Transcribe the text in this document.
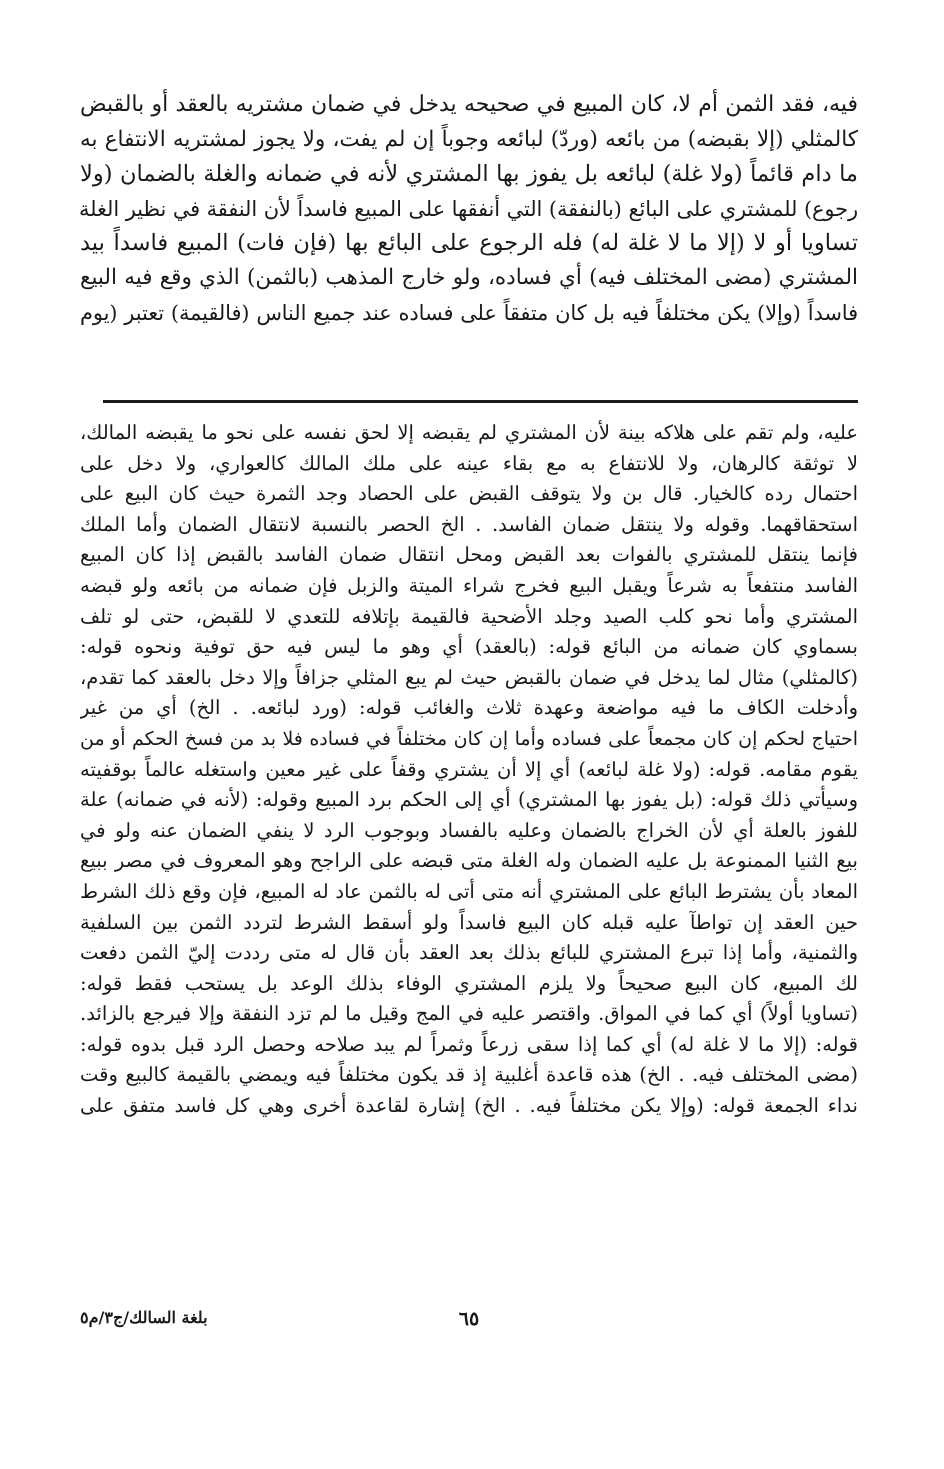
فيه، فقد الثمن أم لا، كان المبيع في صحيحه يدخل في ضمان مشتريه بالعقد أو بالقبض

كالمثلي (إلا بقبضه) من بائعه (وردّ) لبائعه وجوباً إن لم يفت، ولا يجوز لمشتريه الانتفاع به

ما دام قائماً (ولا غلة) لبائعه بل يفوز بها المشتري لأنه في ضمانه والغلة بالضمان (ولا

رجوع) للمشتري على البائع (بالنفقة) التي أنفقها على المبيع فاسداً لأن النفقة في نظير الغلة

تساويا أو لا (إلا ما لا غلة له) فله الرجوع على البائع بها (فإن فات) المبيع فاسداً بيد

المشتري (مضى المختلف فيه) أي فساده، ولو خارج المذهب (بالثمن) الذي وقع فيه البيع

فاسداً (وإلا) يكن مختلفاً فيه بل كان متفقاً على فساده عند جميع الناس (فالقيمة) تعتبر (يوم

عليه، ولم تقم على هلاكه بينة لأن المشتري لم يقبضه إلا لحق نفسه على نحو ما يقبضه المالك،

لا توثقة كالرهان، ولا للانتفاع به مع بقاء عينه على ملك المالك كالعواري، ولا دخل على

احتمال رده كالخيار. قال بن ولا يتوقف القبض على الحصاد وجد الثمرة حيث كان البيع على

استحقاقهما. وقوله ولا ينتقل ضمان الفاسد. . الخ الحصر بالنسبة لانتقال الضمان وأما الملك

فإنما ينتقل للمشتري بالفوات بعد القبض ومحل انتقال ضمان الفاسد بالقبض إذا كان المبيع

الفاسد منتفعاً به شرعاً ويقبل البيع فخرج شراء الميتة والزبل فإن ضمانه من بائعه ولو قبضه

المشتري وأما نحو كلب الصيد وجلد الأضحية فالقيمة بإتلافه للتعدي لا للقبض، حتى لو تلف

بسماوي كان ضمانه من البائع قوله: (بالعقد) أي وهو ما ليس فيه حق توفية ونحوه قوله:

(كالمثلي) مثال لما يدخل في ضمان بالقبض حيث لم يبع المثلي جزافاً وإلا دخل بالعقد كما تقدم،

وأدخلت الكاف ما فيه مواضعة وعهدة ثلاث والغائب قوله: (ورد لبائعه. . الخ) أي من غير

احتياج لحكم إن كان مجمعاً على فساده وأما إن كان مختلفاً في فساده فلا بد من فسخ الحكم أو من

يقوم مقامه. قوله: (ولا غلة لبائعه) أي إلا أن يشتري وقفاً على غير معين واستغله عالماً بوقفيته

وسيأتي ذلك قوله: (بل يفوز بها المشتري) أي إلى الحكم برد المبيع وقوله: (لأنه في ضمانه) علة

للفوز بالعلة أي لأن الخراج بالضمان وعليه بالفساد وبوجوب الرد لا ينفي الضمان عنه ولو في

بيع الثنيا الممنوعة بل عليه الضمان وله الغلة متى قبضه على الراجح وهو المعروف في مصر ببيع

المعاد بأن يشترط البائع على المشتري أنه متى أتى له بالثمن عاد له المبيع، فإن وقع ذلك الشرط

حين العقد إن تواطآ عليه قبله كان البيع فاسداً ولو أسقط الشرط لتردد الثمن بين السلفية

والثمنية، وأما إذا تبرع المشتري للبائع بذلك بعد العقد بأن قال له متى رددت إليّ الثمن دفعت

لك المبيع، كان البيع صحيحاً ولا يلزم المشتري الوفاء بذلك الوعد بل يستحب فقط قوله:

(تساويا أولاً) أي كما في المواق. واقتصر عليه في المج وقيل ما لم تزد النفقة وإلا فيرجع بالزائد.

قوله: (إلا ما لا غلة له) أي كما إذا سقى زرعاً وثمراً لم يبد صلاحه وحصل الرد قبل بدوه قوله:

(مضى المختلف فيه. . الخ) هذه قاعدة أغلبية إذ قد يكون مختلفاً فيه ويمضي بالقيمة كالبيع وقت

نداء الجمعة قوله: (وإلا يكن مختلفاً فيه. . الخ) إشارة لقاعدة أخرى وهي كل فاسد متفق على

٦٥
بلغة السالك/ج٣/م٥
